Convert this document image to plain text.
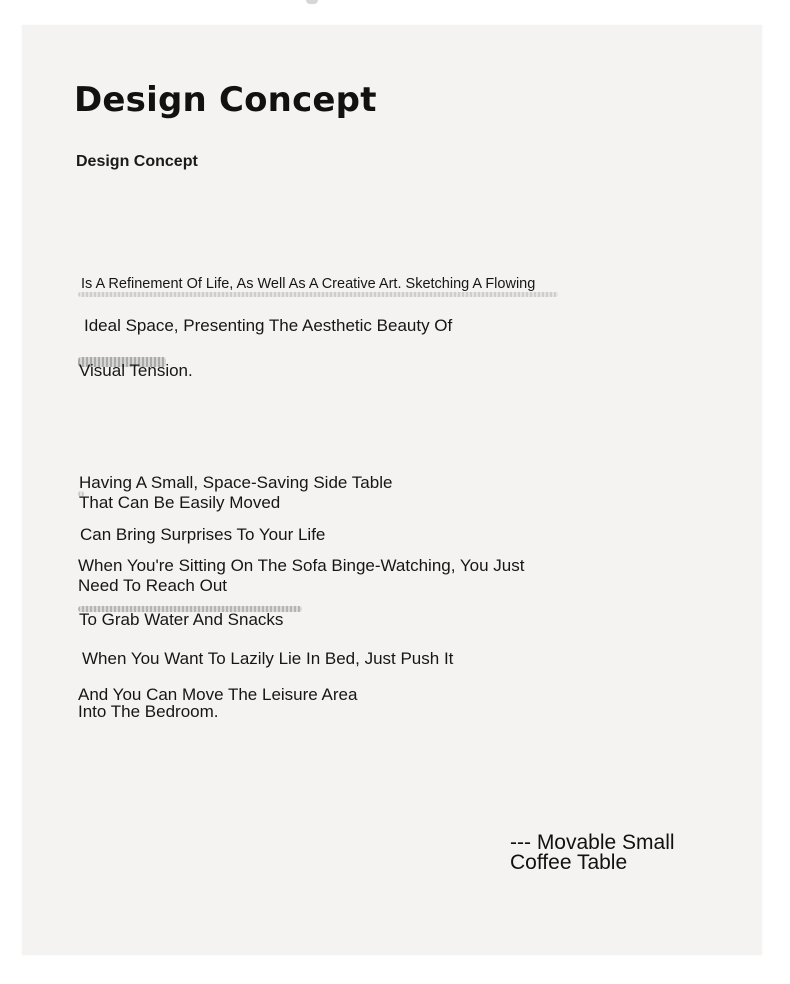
Design Concept
Design Concept
Is A Refinement Of Life, As Well As A Creative Art. Sketching A Flowing
Ideal Space, Presenting The Aesthetic Beauty Of
Visual Tension.
Having A Small, Space-Saving Side Table
That Can Be Easily Moved
Can Bring Surprises To Your Life
When You're Sitting On The Sofa Binge-Watching, You Just
Need To Reach Out
To Grab Water And Snacks
When You Want To Lazily Lie In Bed, Just Push It
And You Can Move The Leisure Area
Into The Bedroom.
--- Movable Small
Coffee Table
